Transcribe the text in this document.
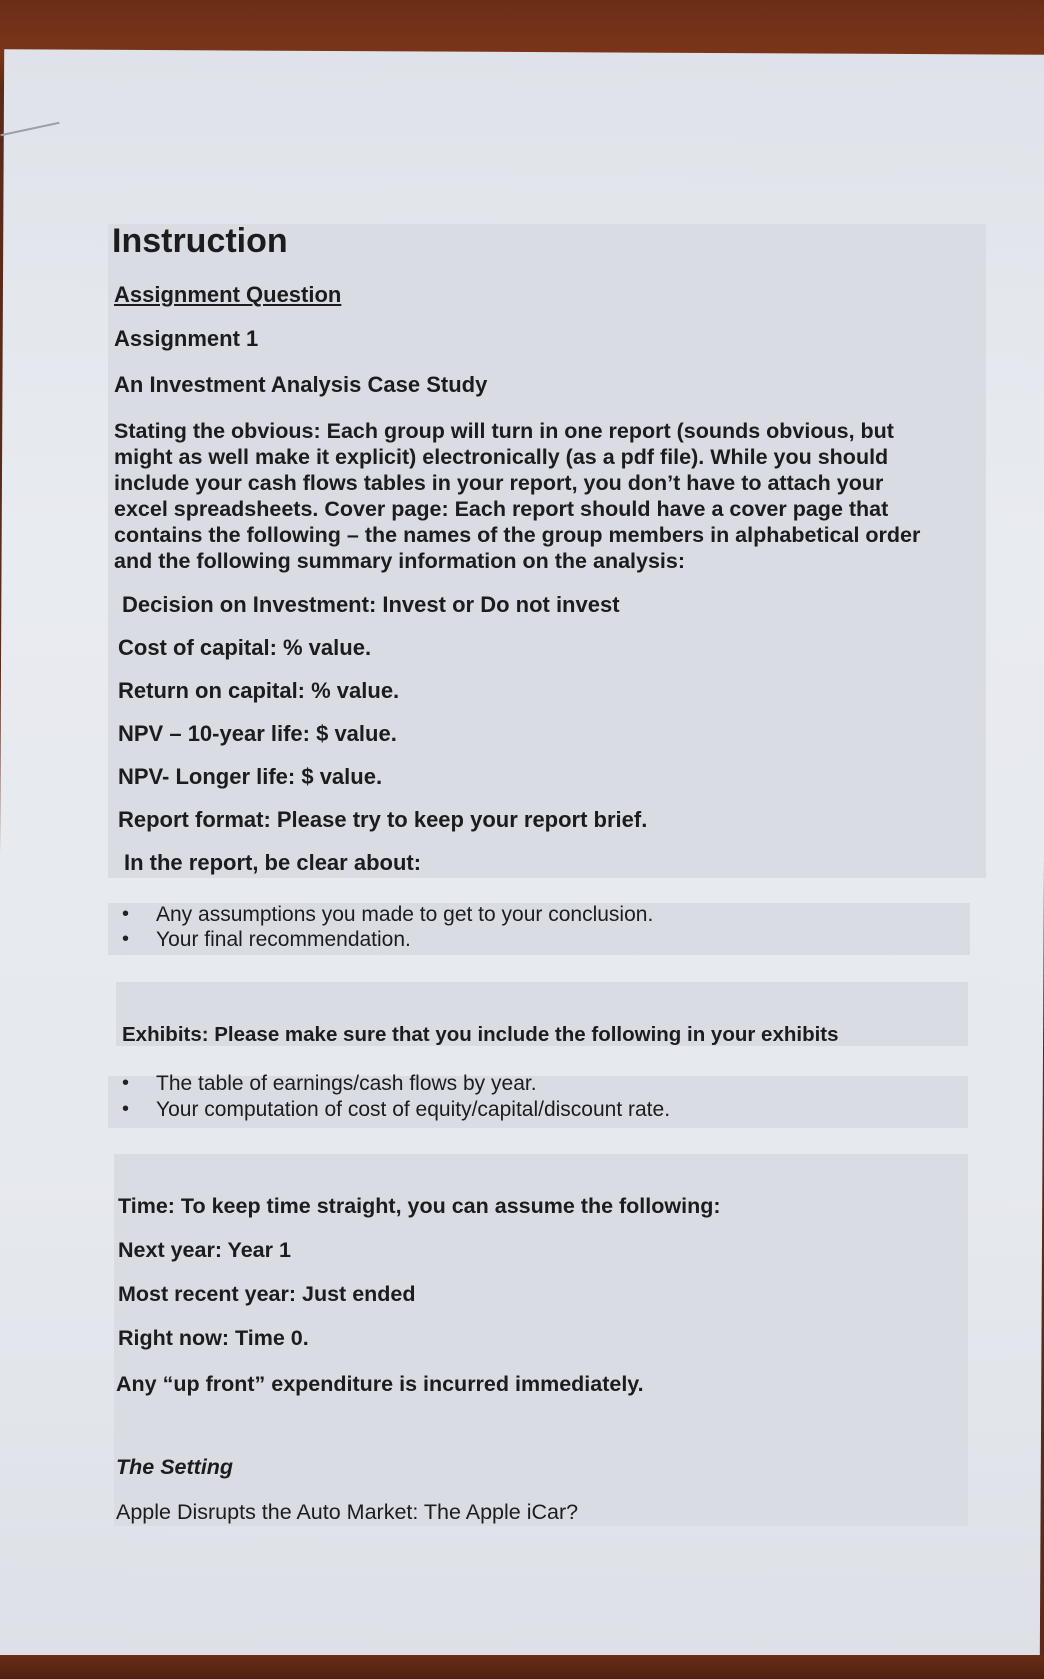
Instruction
Assignment Question
Assignment 1
An Investment Analysis Case Study
Stating the obvious: Each group will turn in one report (sounds obvious, but
might as well make it explicit) electronically (as a pdf file). While you should
include your cash flows tables in your report, you don’t have to attach your
excel spreadsheets. Cover page: Each report should have a cover page that
contains the following – the names of the group members in alphabetical order
and the following summary information on the analysis:
Decision on Investment: Invest or Do not invest
Cost of capital: % value.
Return on capital: % value.
NPV – 10-year life: $ value.
NPV- Longer life: $ value.
Report format: Please try to keep your report brief.
In the report, be clear about:
• Any assumptions you made to get to your conclusion.
• Your final recommendation.
Exhibits: Please make sure that you include the following in your exhibits
• The table of earnings/cash flows by year.
• Your computation of cost of equity/capital/discount rate.
Time: To keep time straight, you can assume the following:
Next year: Year 1
Most recent year: Just ended
Right now: Time 0.
Any “up front” expenditure is incurred immediately.
The Setting
Apple Disrupts the Auto Market: The Apple iCar?
